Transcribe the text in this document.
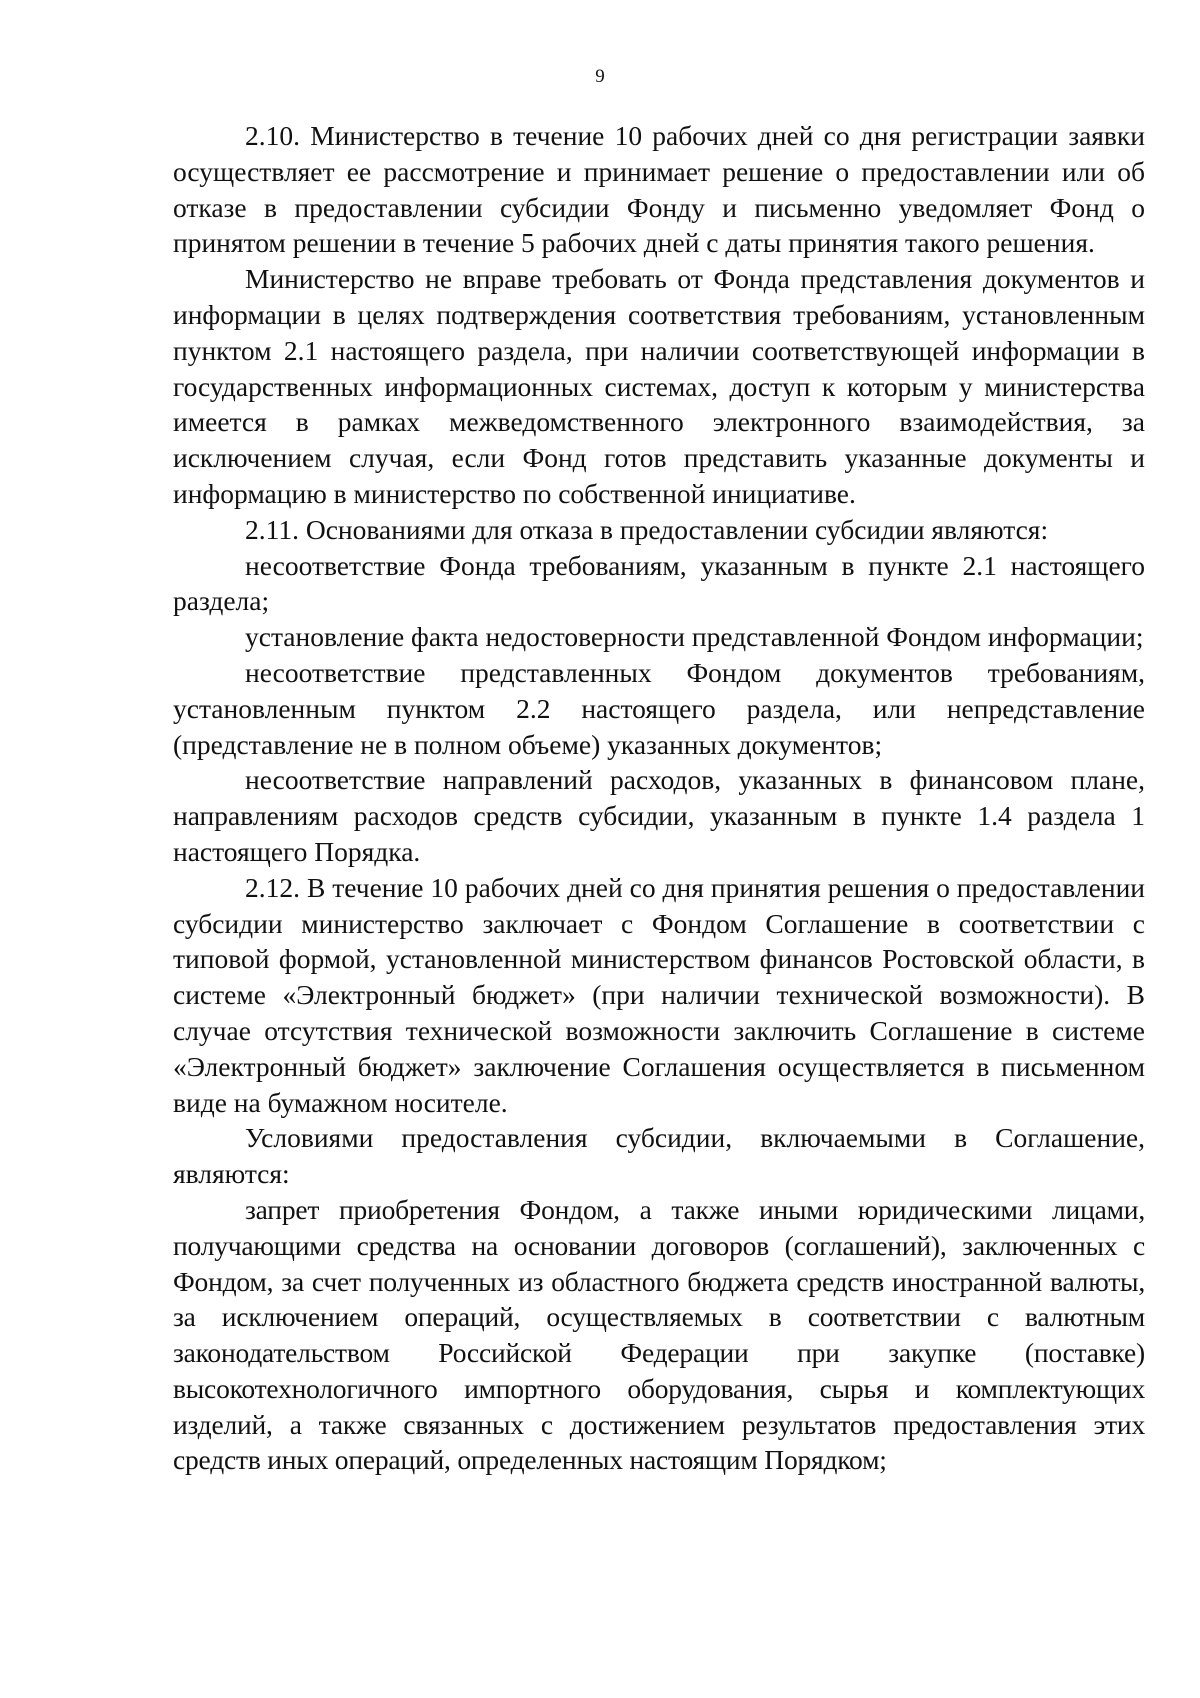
9

2.10. Министерство в течение 10 рабочих дней со дня регистрации заявки осуществляет ее рассмотрение и принимает решение о предоставлении или об отказе в предоставлении субсидии Фонду и письменно уведомляет Фонд о принятом решении в течение 5 рабочих дней с даты принятия такого решения.

Министерство не вправе требовать от Фонда представления документов и информации в целях подтверждения соответствия требованиям, установленным пунктом 2.1 настоящего раздела, при наличии соответствующей информации в государственных информационных системах, доступ к которым у министерства имеется в рамках межведомственного электронного взаимодействия, за исключением случая, если Фонд готов представить указанные документы и информацию в министерство по собственной инициативе.

2.11. Основаниями для отказа в предоставлении субсидии являются:

несоответствие Фонда требованиям, указанным в пункте 2.1 настоящего раздела;

установление факта недостоверности представленной Фондом информации;

несоответствие представленных Фондом документов требованиям, установленным пунктом 2.2 настоящего раздела, или непредставление (представление не в полном объеме) указанных документов;

несоответствие направлений расходов, указанных в финансовом плане, направлениям расходов средств субсидии, указанным в пункте 1.4 раздела 1 настоящего Порядка.

2.12. В течение 10 рабочих дней со дня принятия решения о предоставлении субсидии министерство заключает с Фондом Соглашение в соответствии с типовой формой, установленной министерством финансов Ростовской области, в системе «Электронный бюджет» (при наличии технической возможности). В случае отсутствия технической возможности заключить Соглашение в системе «Электронный бюджет» заключение Соглашения осуществляется в письменном виде на бумажном носителе.

Условиями предоставления субсидии, включаемыми в Соглашение, являются:

запрет приобретения Фондом, а также иными юридическими лицами, получающими средства на основании договоров (соглашений), заключенных с Фондом, за счет полученных из областного бюджета средств иностранной валюты, за исключением операций, осуществляемых в соответствии с валютным законодательством Российской Федерации при закупке (поставке) высокотехнологичного импортного оборудования, сырья и комплектующих изделий, а также связанных с достижением результатов предоставления этих средств иных операций, определенных настоящим Порядком;
